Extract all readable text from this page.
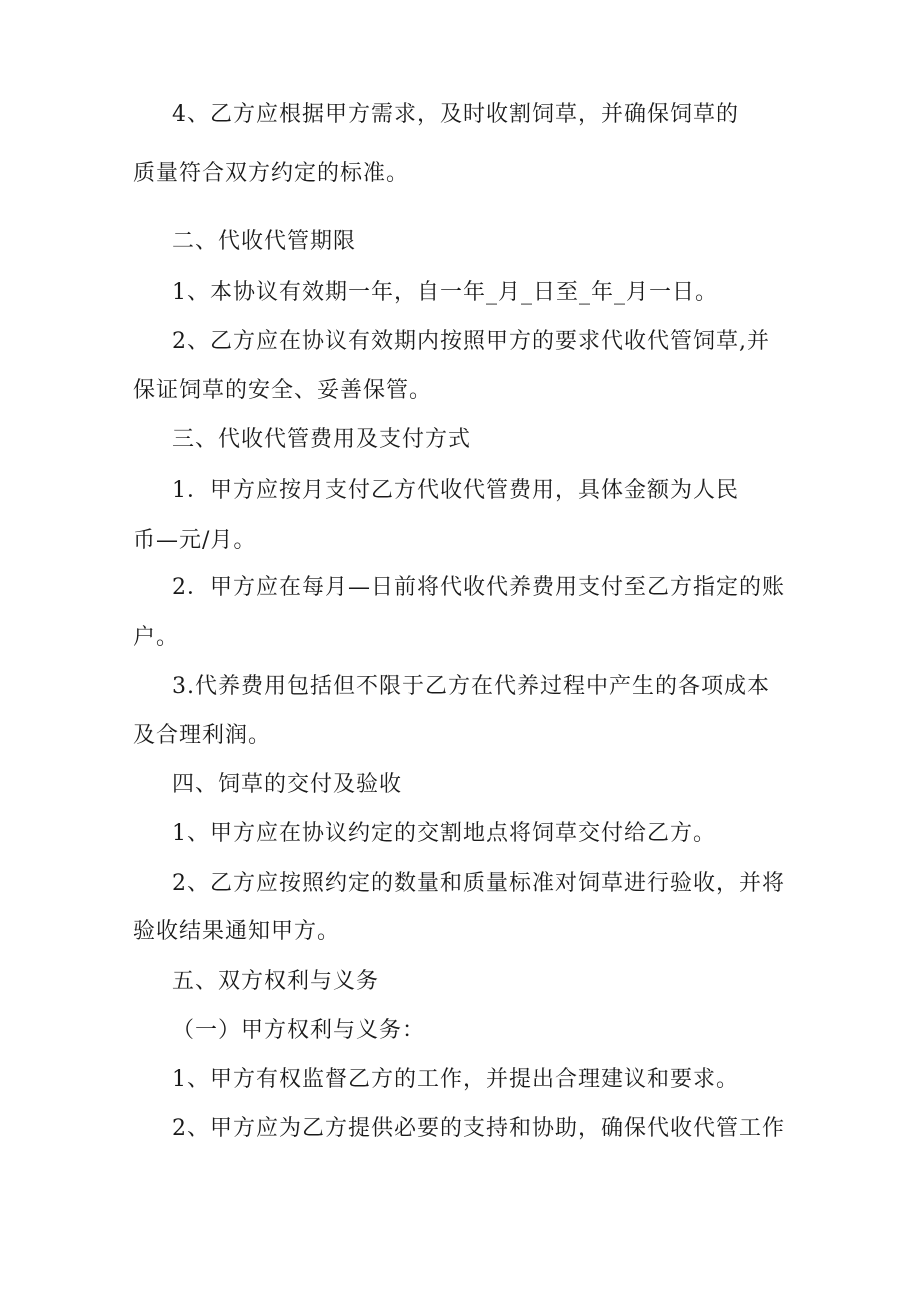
4、乙方应根据甲方需求，及时收割饲草，并确保饲草的
质量符合双方约定的标准。
二、代收代管期限
1、本协议有效期一年，自一年_月_日至_年_月一日。
2、乙方应在协议有效期内按照甲方的要求代收代管饲草,并
保证饲草的安全、妥善保管。
三、代收代管费用及支付方式
1．甲方应按月支付乙方代收代管费用，具体金额为人民
币—元/月。
2．甲方应在每月—日前将代收代养费用支付至乙方指定的账
户。
3.代养费用包括但不限于乙方在代养过程中产生的各项成本
及合理利润。
四、饲草的交付及验收
1、甲方应在协议约定的交割地点将饲草交付给乙方。
2、乙方应按照约定的数量和质量标准对饲草进行验收，并将
验收结果通知甲方。
五、双方权利与义务
（一）甲方权利与义务：
1、甲方有权监督乙方的工作，并提出合理建议和要求。
2、甲方应为乙方提供必要的支持和协助，确保代收代管工作
